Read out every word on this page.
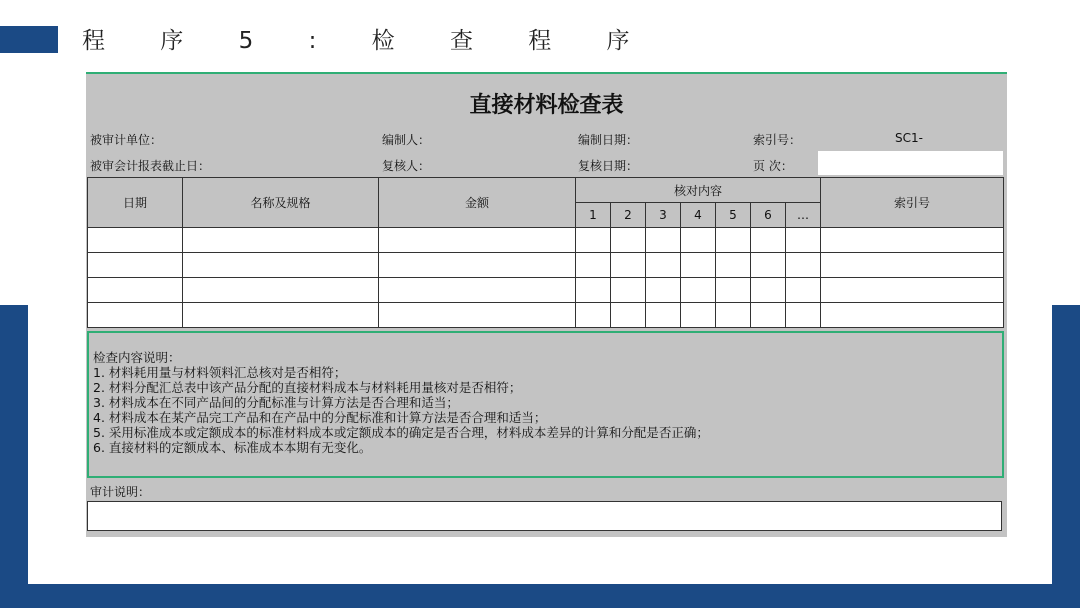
程 序 5 : 检 查 程 序
直接材料检查表
被审计单位：	编制人：	编制日期：	索引号：	SC1-
被审会计报表截止日：	复核人：	复核日期：	页 次：
日期	名称及规格	金额	核对内容							索引号
			1	2	3	4	5	6	…	

检查内容说明：
1. 材料耗用量与材料领料汇总核对是否相符；
2. 材料分配汇总表中该产品分配的直接材料成本与材料耗用量核对是否相符；
3. 材料成本在不同产品间的分配标准与计算方法是否合理和适当；
4. 材料成本在某产品完工产品和在产品中的分配标准和计算方法是否合理和适当；
5. 采用标准成本或定额成本的标准材料成本或定额成本的确定是否合理，材料成本差异的计算和分配是否正确；
6. 直接材料的定额成本、标准成本本期有无变化。
审计说明：
